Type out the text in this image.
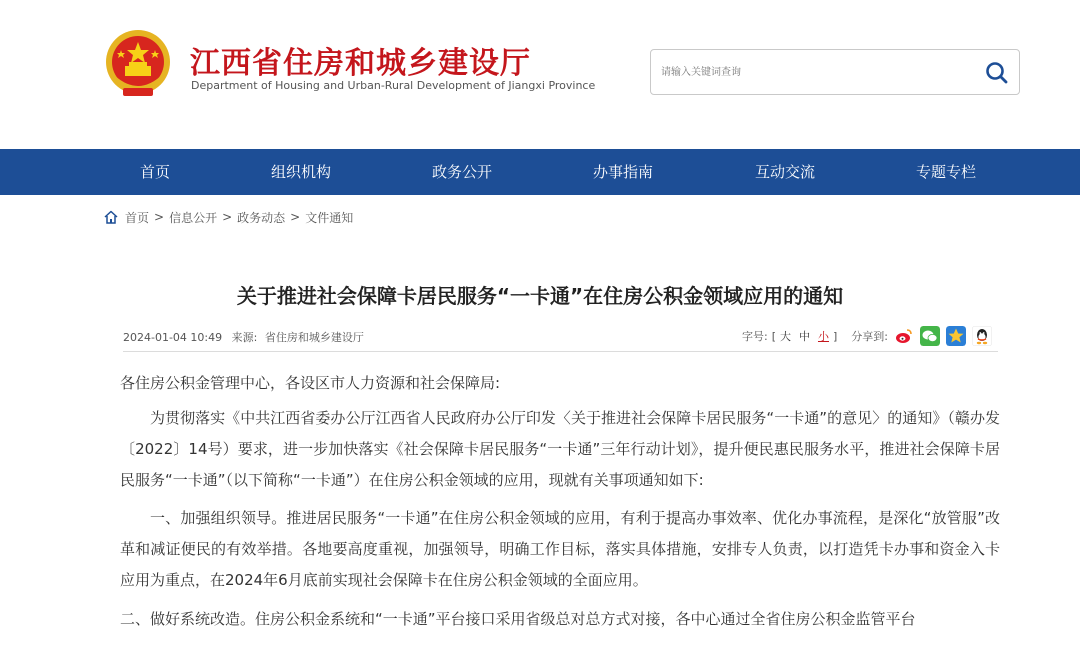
江西省住房和城乡建设厅
Department of Housing and Urban-Rural Development of Jiangxi Province
请输入关键词查询
首页	组织机构	政务公开	办事指南	互动交流	专题专栏
首页 > 信息公开 > 政务动态 > 文件通知
关于推进社会保障卡居民服务“一卡通”在住房公积金领域应用的通知
2024-01-04 10:49 来源: 省住房和城乡建设厅	字号: [ 大 中 小 ] 分享到:

各住房公积金管理中心，各设区市人力资源和社会保障局:

为贯彻落实《中共江西省委办公厅江西省人民政府办公厅印发〈关于推进社会保障卡居民服务“一卡通”的意见〉的通知》（赣办发〔2022〕14号）要求，进一步加快落实《社会保障卡居民服务“一卡通”三年行动计划》，提升便民惠民服务水平，推进社会保障卡居民服务“一卡通”（以下简称“一卡通”）在住房公积金领域的应用，现就有关事项通知如下:

一、加强组织领导。推进居民服务“一卡通”在住房公积金领域的应用，有利于提高办事效率、优化办事流程，是深化“放管服”改革和减证便民的有效举措。各地要高度重视，加强领导，明确工作目标，落实具体措施，安排专人负责，以打造凭卡办事和资金入卡应用为重点，在2024年6月底前实现社会保障卡在住房公积金领域的全面应用。

二、做好系统改造。住房公积金系统和“一卡通”平台接口采用省级总对总方式对接，各中心通过全省住房公积金监管平台
